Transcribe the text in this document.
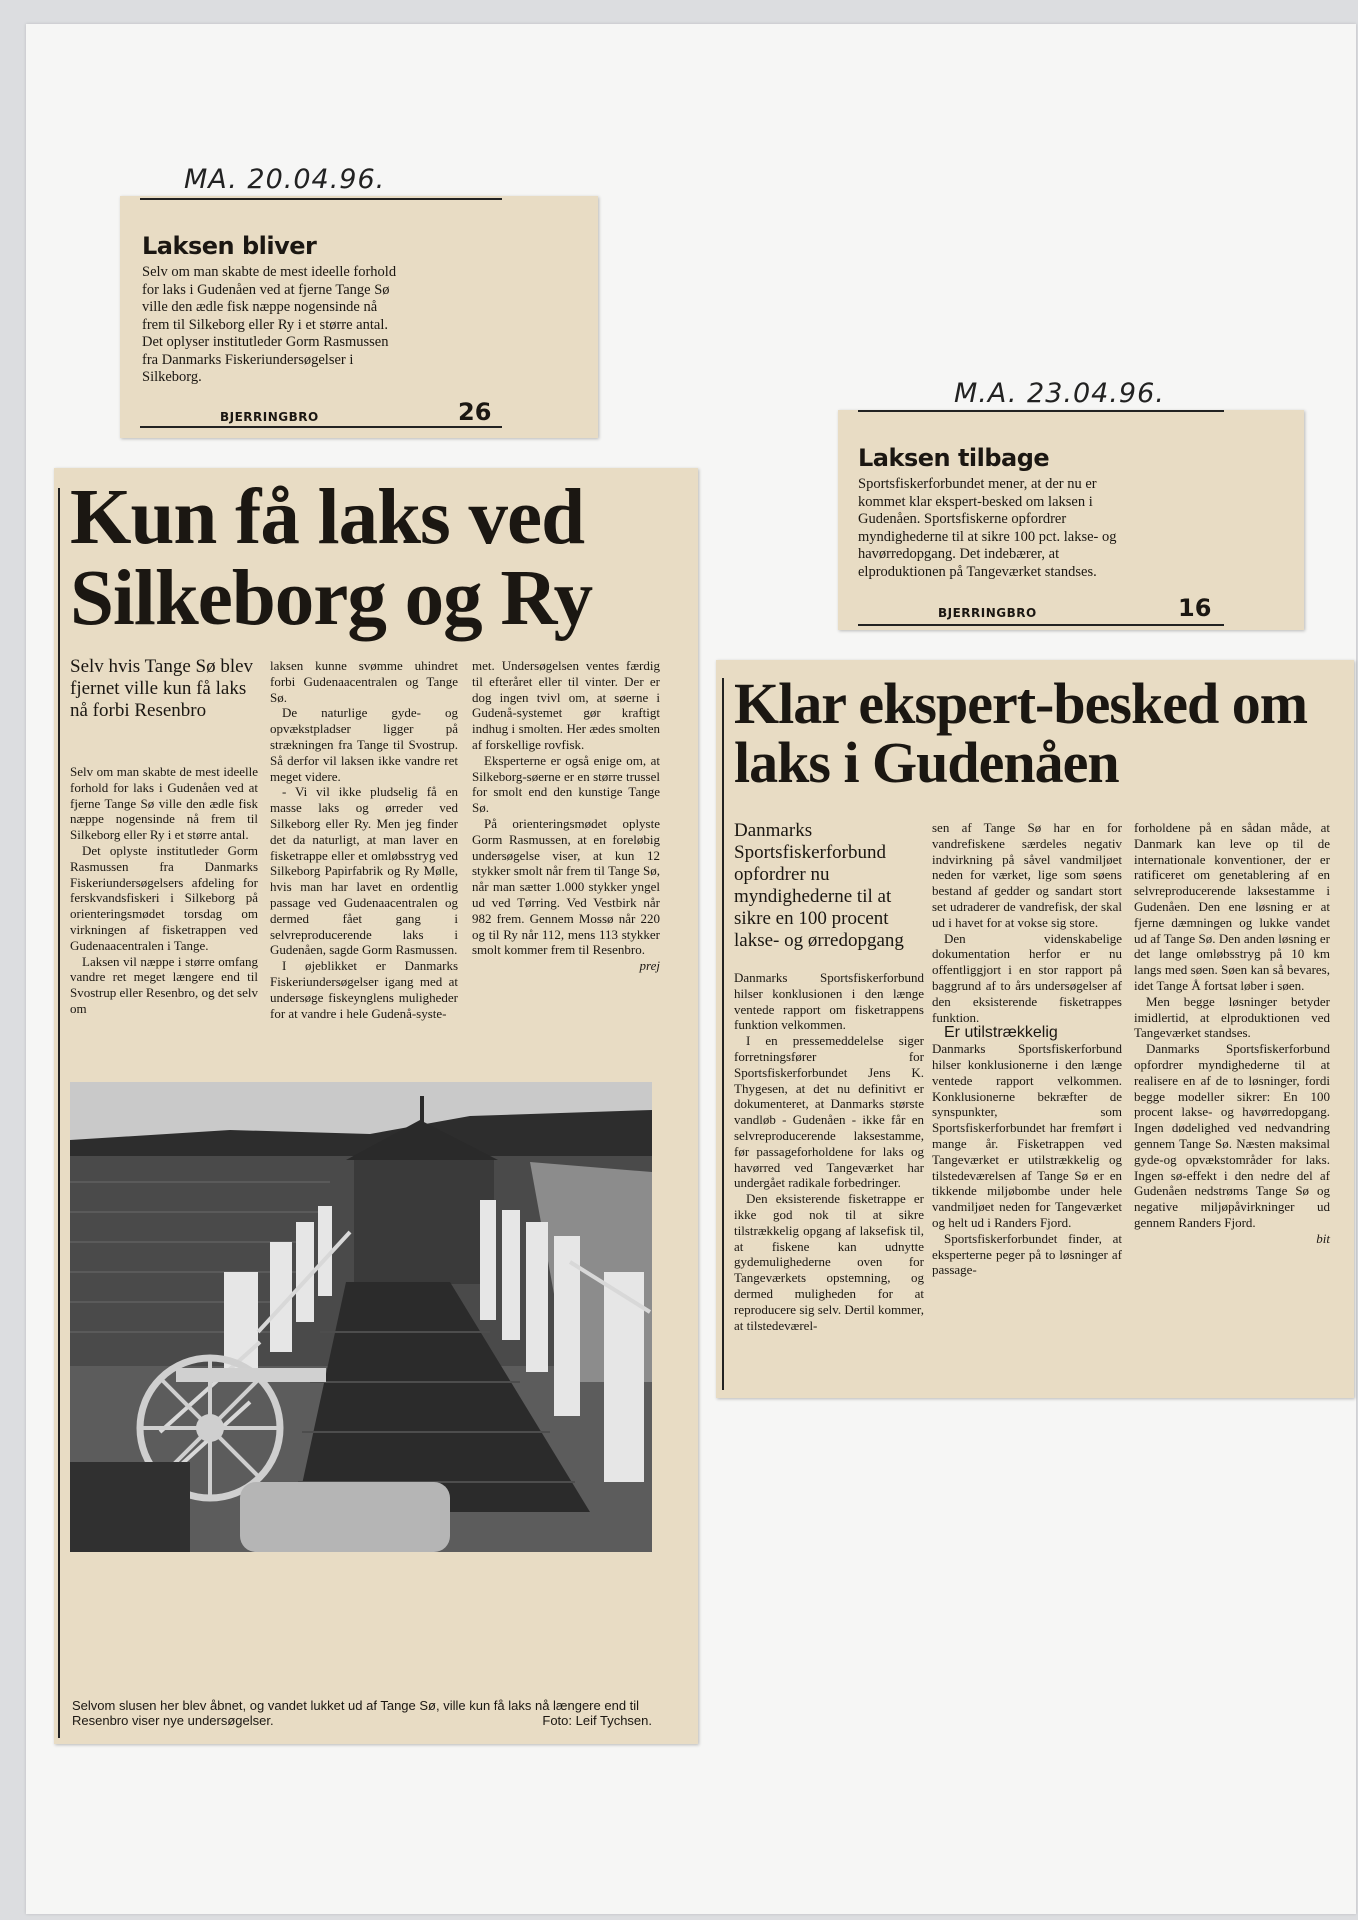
MA. 20.04.96.
M.A. 23.04.96.
Laksen bliver
Selv om man skabte de mest ideelle forhold for laks i Gudenåen ved at fjerne Tange Sø ville den ædle fisk næppe nogensinde nå frem til Silkeborg eller Ry i et større antal. Det oplyser institutleder Gorm Rasmussen fra Danmarks Fiskeriundersøgelser i Silkeborg.
BJERRINGBRO	26
Laksen tilbage
Sportsfiskerforbundet mener, at der nu er kommet klar ekspert-besked om laksen i Gudenåen. Sportsfiskerne opfordrer myndighederne til at sikre 100 pct. lakse- og havørredopgang. Det indebærer, at elproduktionen på Tangeværket standses.
BJERRINGBRO	16
Kun få laks ved Silkeborg og Ry
Selv hvis Tange Sø blev fjernet ville kun få laks nå forbi Resenbro

Selv om man skabte de mest ideelle forhold for laks i Gudenåen ved at fjerne Tange Sø ville den ædle fisk næppe nogensinde nå frem til Silkeborg eller Ry i et større antal.

Det oplyste institutleder Gorm Rasmussen fra Danmarks Fiskeriundersøgelsers afdeling for ferskvandsfiskeri i Silkeborg på orienteringsmødet torsdag om virkningen af fisketrappen ved Gudenaacentralen i Tange.

Laksen vil næppe i større omfang vandre ret meget længere end til Svostrup eller Resenbro, og det selv om

laksen kunne svømme uhindret forbi Gudenaacentralen og Tange Sø.

De naturlige gyde- og opvækstpladser ligger på strækningen fra Tange til Svostrup. Så derfor vil laksen ikke vandre ret meget videre.

- Vi vil ikke pludselig få en masse laks og ørreder ved Silkeborg eller Ry. Men jeg finder det da naturligt, at man laver en fisketrappe eller et omløbsstryg ved Silkeborg Papirfabrik og Ry Mølle, hvis man har lavet en ordentlig passage ved Gudenaacentralen og dermed fået gang i selvreproducerende laks i Gudenåen, sagde Gorm Rasmussen.

I øjeblikket er Danmarks Fiskeriundersøgelser igang med at undersøge fiskeynglens muligheder for at vandre i hele Gudenå-syste-

met. Undersøgelsen ventes færdig til efteråret eller til vinter. Der er dog ingen tvivl om, at søerne i Gudenå-systemet gør kraftigt indhug i smolten. Her ædes smolten af forskellige rovfisk.

Eksperterne er også enige om, at Silkeborg-søerne er en større trussel for smolt end den kunstige Tange Sø.

På orienteringsmødet oplyste Gorm Rasmussen, at en foreløbig undersøgelse viser, at kun 12 stykker smolt når frem til Tange Sø, når man sætter 1.000 stykker yngel ud ved Tørring. Ved Vestbirk når 982 frem. Gennem Mossø når 220 og til Ry når 112, mens 113 stykker smolt kommer frem til Resenbro.

prej

Selvom slusen her blev åbnet, og vandet lukket ud af Tange Sø, ville kun få laks nå længere end til Resenbro viser nye undersøgelser.	Foto: Leif Tychsen.
Klar ekspert-besked om laks i Gudenåen
Danmarks Sportsfiskerforbund opfordrer nu myndighederne til at sikre en 100 procent lakse- og ørredopgang

Danmarks Sportsfiskerforbund hilser konklusionen i den længe ventede rapport om fisketrappens funktion velkommen.

I en pressemeddelelse siger forretningsfører for Sportsfiskerforbundet Jens K. Thygesen, at det nu definitivt er dokumenteret, at Danmarks største vandløb - Gudenåen - ikke får en selvreproducerende laksestamme, før passageforholdene for laks og havørred ved Tangeværket har undergået radikale forbedringer.

Den eksisterende fisketrappe er ikke god nok til at sikre tilstrækkelig opgang af laksefisk til, at fiskene kan udnytte gydemulighederne oven for Tangeværkets opstemning, og dermed muligheden for at reproducere sig selv. Dertil kommer, at tilstedeværel-

sen af Tange Sø har en for vandrefiskene særdeles negativ indvirkning på såvel vandmiljøet neden for værket, lige som søens bestand af gedder og sandart stort set udraderer de vandrefisk, der skal ud i havet for at vokse sig store.

Den videnskabelige dokumentation herfor er nu offentliggjort i en stor rapport på baggrund af to års undersøgelser af den eksisterende fisketrappes funktion.

Er utilstrækkelig

Danmarks Sportsfiskerforbund hilser konklusionerne i den længe ventede rapport velkommen. Konklusionerne bekræfter de synspunkter, som Sportsfiskerforbundet har fremført i mange år. Fisketrappen ved Tangeværket er utilstrækkelig og tilstedeværelsen af Tange Sø er en tikkende miljøbombe under hele vandmiljøet neden for Tangeværket og helt ud i Randers Fjord.

Sportsfiskerforbundet finder, at eksperterne peger på to løsninger af passage-

forholdene på en sådan måde, at Danmark kan leve op til de internationale konventioner, der er ratificeret om genetablering af en selvreproducerende laksestamme i Gudenåen. Den ene løsning er at fjerne dæmningen og lukke vandet ud af Tange Sø. Den anden løsning er det lange omløbsstryg på 10 km langs med søen. Søen kan så bevares, idet Tange Å fortsat løber i søen.

Men begge løsninger betyder imidlertid, at elproduktionen ved Tangeværket standses.

Danmarks Sportsfiskerforbund opfordrer myndighederne til at realisere en af de to løsninger, fordi begge modeller sikrer: En 100 procent lakse- og havørredopgang. Ingen dødelighed ved nedvandring gennem Tange Sø. Næsten maksimal gyde-og opvækstområder for laks. Ingen sø-effekt i den nedre del af Gudenåen nedstrøms Tange Sø og negative miljøpåvirkninger ud gennem Randers Fjord.

bit
